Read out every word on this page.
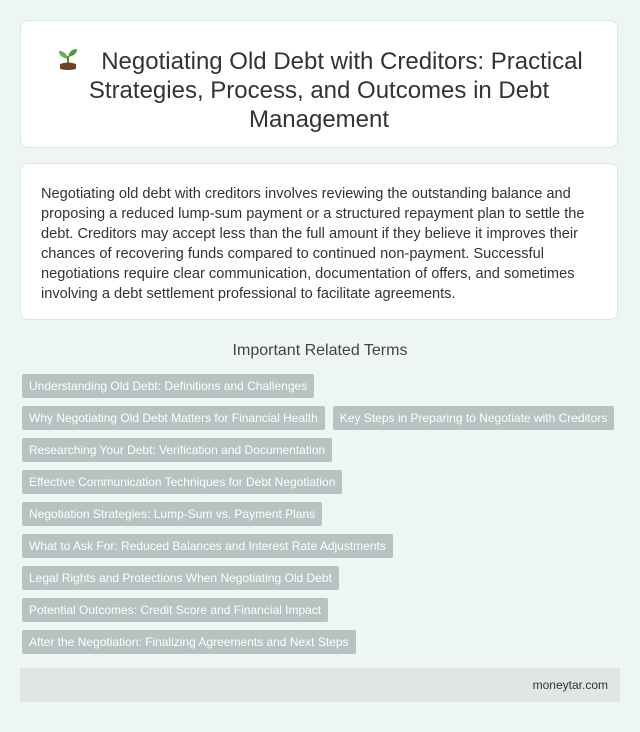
Negotiating Old Debt with Creditors: Practical Strategies, Process, and Outcomes in Debt Management

Negotiating old debt with creditors involves reviewing the outstanding balance and proposing a reduced lump-sum payment or a structured repayment plan to settle the debt. Creditors may accept less than the full amount if they believe it improves their chances of recovering funds compared to continued non-payment. Successful negotiations require clear communication, documentation of offers, and sometimes involving a debt settlement professional to facilitate agreements.

Important Related Terms
Understanding Old Debt: Definitions and Challenges
Why Negotiating Old Debt Matters for Financial Health	Key Steps in Preparing to Negotiate with Creditors
Researching Your Debt: Verification and Documentation
Effective Communication Techniques for Debt Negotiation
Negotiation Strategies: Lump-Sum vs. Payment Plans
What to Ask For: Reduced Balances and Interest Rate Adjustments
Legal Rights and Protections When Negotiating Old Debt
Potential Outcomes: Credit Score and Financial Impact
After the Negotiation: Finalizing Agreements and Next Steps
moneytar.com
